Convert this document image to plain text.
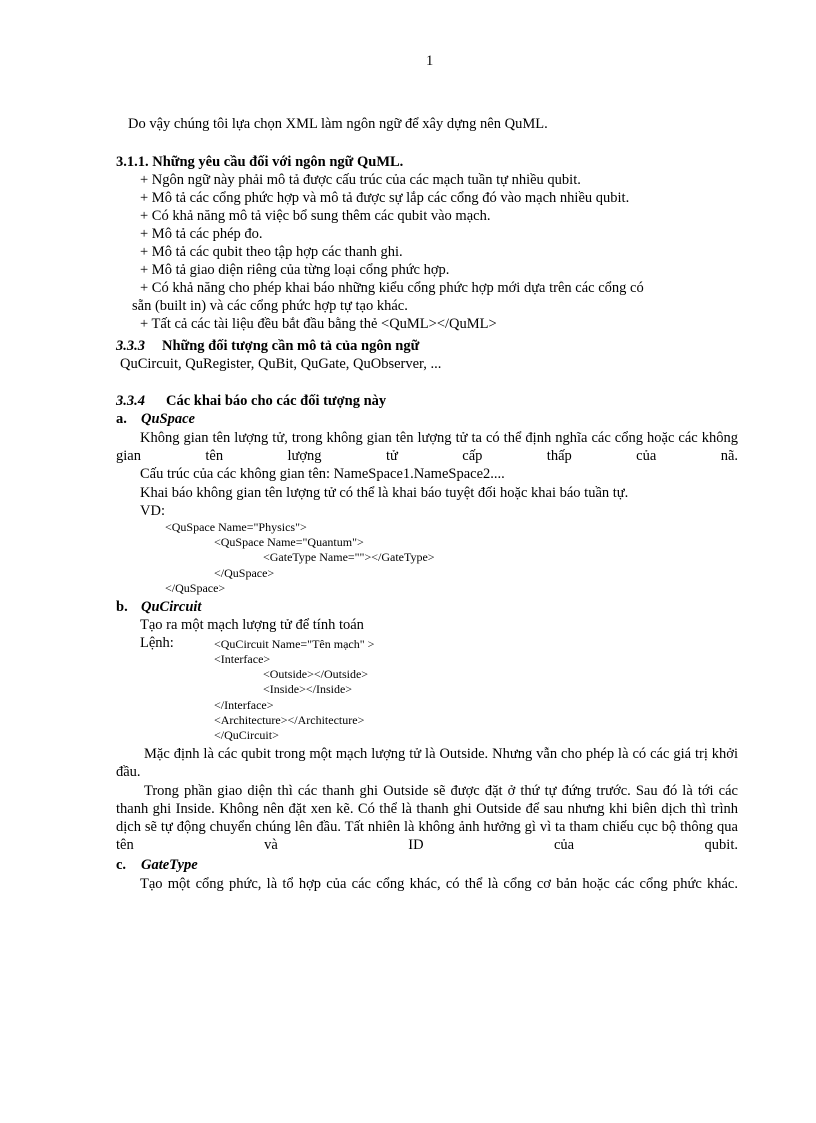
1
Do vậy chúng tôi lựa chọn XML làm ngôn ngữ để xây dựng nên QuML.
3.1.1. Những yêu cầu đối với ngôn ngữ QuML.
+ Ngôn ngữ này phải mô tả được cấu trúc của các mạch tuần tự nhiều qubit.
+ Mô tả các cổng phức hợp và mô tả được sự lắp các cổng đó vào mạch nhiều qubit.
+ Có khả năng mô tả việc bổ sung thêm các qubit vào mạch.
+ Mô tả các phép đo.
+ Mô tả các qubit theo tập hợp các thanh ghi.
+ Mô tả giao diện riêng của từng loại cổng phức hợp.
+ Có khả năng cho phép khai báo những kiểu cổng phức hợp mới dựa trên các cổng có
sẵn (built in) và các cổng phức hợp tự tạo khác.
+ Tất cả các tài liệu đều bắt đầu bằng thẻ <QuML></QuML>
3.3.3 Những đối tượng cần mô tả của ngôn ngữ
QuCircuit, QuRegister, QuBit, QuGate, QuObserver, ...
3.3.4 Các khai báo cho các đối tượng này
a. QuSpace
Không gian tên lượng tử, trong không gian tên lượng tử ta có thể định nghĩa các cổng hoặc các không gian tên lượng tử cấp thấp của nã.
Cấu trúc của các không gian tên: NameSpace1.NameSpace2....
Khai báo không gian tên lượng tử có thể là khai báo tuyệt đối hoặc khai báo tuần tự.
VD:
<QuSpace Name="Physics">
<QuSpace Name="Quantum">
<GateType Name=""></GateType>
</QuSpace>
</QuSpace>
b. QuCircuit
Tạo ra một mạch lượng tử để tính toán
Lệnh:	<QuCircuit Name="Tên mạch" >
<Interface>
<Outside></Outside>
<Inside></Inside>
</Interface>
<Architecture></Architecture>
</QuCircuit>
Mặc định là các qubit trong một mạch lượng tử là Outside. Nhưng vẫn cho phép là có các giá trị khởi đầu.
Trong phần giao diện thì các thanh ghi Outside sẽ được đặt ở thứ tự đứng trước. Sau đó là tới các thanh ghi Inside. Không nên đặt xen kẽ. Có thể là thanh ghi Outside để sau nhưng khi biên dịch thì trình dịch sẽ tự động chuyển chúng lên đầu. Tất nhiên là không ảnh hưởng gì vì ta tham chiếu cục bộ thông qua tên và ID của qubit.
c. GateType
Tạo một cổng phức, là tổ hợp của các cổng khác, có thể là cổng cơ bản hoặc các cổng phức khác.
